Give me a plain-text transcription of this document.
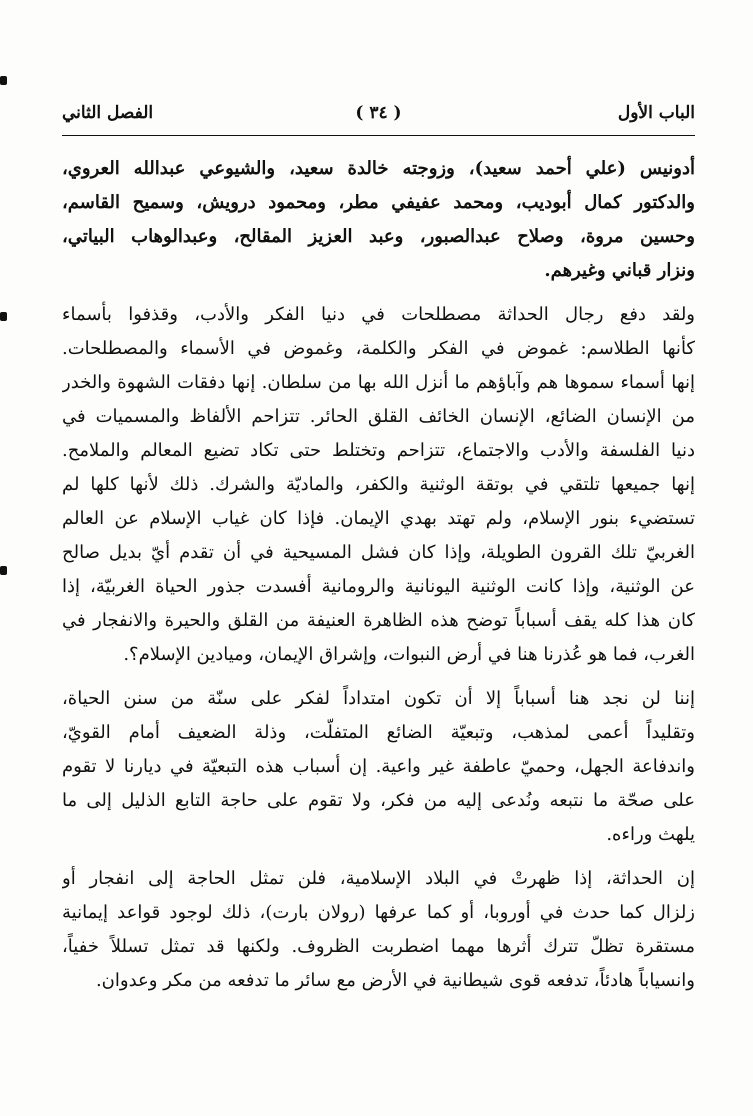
الباب الأول
( ٣٤ )
الفصل الثاني
أدونيس (علي أحمد سعيد)، وزوجته خالدة سعيد، والشيوعي عبدالله العروي،
والدكتور كمال أبوديب، ومحمد عفيفي مطر، ومحمود درويش، وسميح القاسم،
وحسين مروة، وصلاح عبدالصبور، وعبد العزيز المقالح، وعبدالوهاب البياتي،
ونزار قباني وغيرهم.
ولقد دفع رجال الحداثة مصطلحات في دنيا الفكر والأدب، وقذفوا بأسماء
كأنها الطلاسم: غموض في الفكر والكلمة، وغموض في الأسماء والمصطلحات.
إنها أسماء سموها هم وآباؤهم ما أنزل الله بها من سلطان. إنها دفقات الشهوة والخدر
من الإنسان الضائع، الإنسان الخائف القلق الحائر. تتزاحم الألفاظ والمسميات في
دنيا الفلسفة والأدب والاجتماع، تتزاحم وتختلط حتى تكاد تضيع المعالم والملامح.
إنها جميعها تلتقي في بوتقة الوثنية والكفر، والماديّة والشرك. ذلك لأنها كلها لم
تستضيء بنور الإسلام، ولم تهتد بهدي الإيمان. فإذا كان غياب الإسلام عن العالم
الغربيّ تلك القرون الطويلة، وإذا كان فشل المسيحية في أن تقدم أيّ بديل صالح
عن الوثنية، وإذا كانت الوثنية اليونانية والرومانية أفسدت جذور الحياة الغربيّة، إذا
كان هذا كله يقف أسباباً توضح هذه الظاهرة العنيفة من القلق والحيرة والانفجار في
الغرب، فما هو عُذرنا هنا في أرض النبوات، وإشراق الإيمان، وميادين الإسلام؟.
إننا لن نجد هنا أسباباً إلا أن تكون امتداداً لفكر على سنّة من سنن الحياة،
وتقليداً أعمى لمذهب، وتبعيّة الضائع المتفلّت، وذلة الضعيف أمام القويّ،
واندفاعة الجهل، وحميّ عاطفة غير واعية. إن أسباب هذه التبعيّة في ديارنا لا تقوم
على صحّة ما نتبعه ونُدعى إليه من فكر، ولا تقوم على حاجة التابع الذليل إلى ما
يلهث وراءه.
إن الحداثة، إذا ظهرتْ في البلاد الإسلامية، فلن تمثل الحاجة إلى انفجار أو
زلزال كما حدث في أوروبا، أو كما عرفها (رولان بارت)، ذلك لوجود قواعد إيمانية
مستقرة تظلّ تترك أثرها مهما اضطربت الظروف. ولكنها قد تمثل تسللاً خفياً،
وانسياباً هادئاً، تدفعه قوى شيطانية في الأرض مع سائر ما تدفعه من مكر وعدوان.
